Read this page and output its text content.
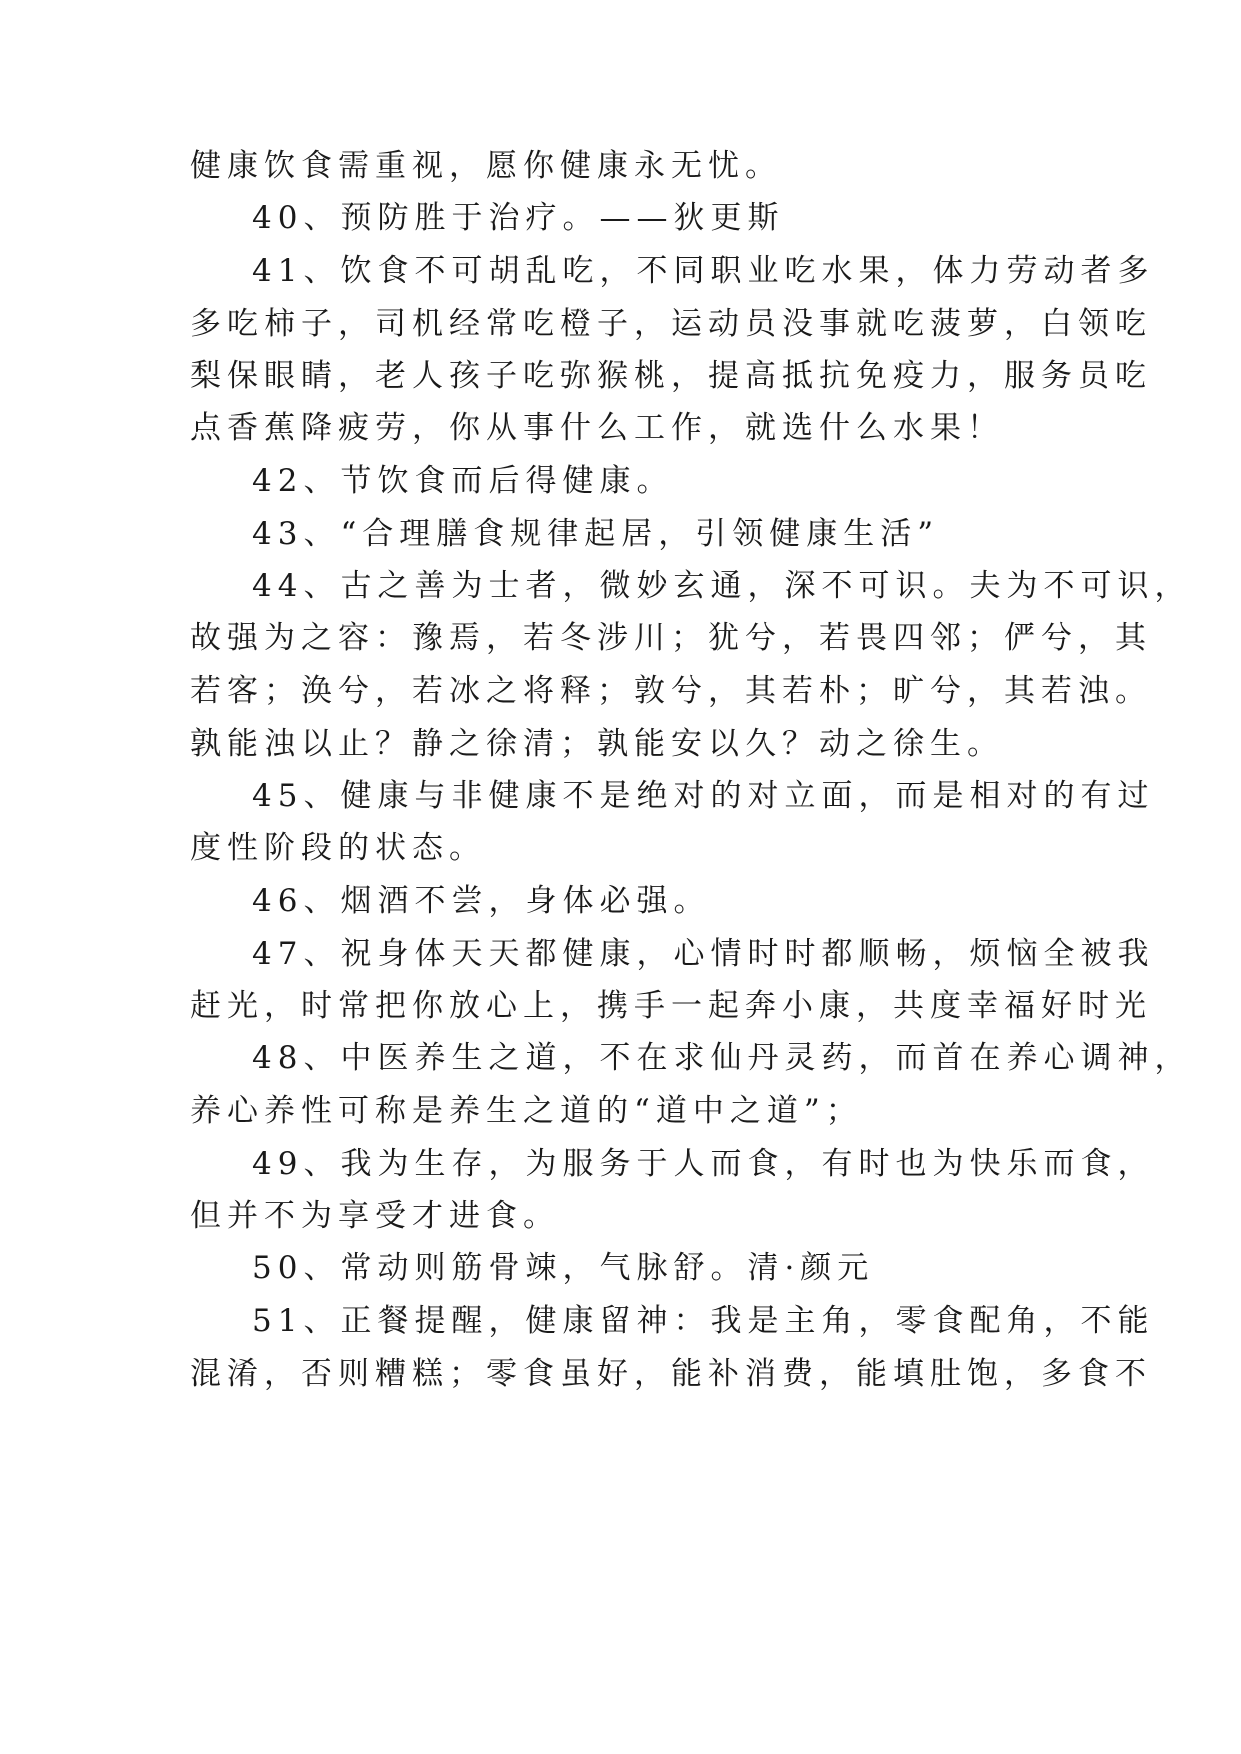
健康饮食需重视，愿你健康永无忧。
40、预防胜于治疗。——狄更斯
41、饮食不可胡乱吃，不同职业吃水果，体力劳动者多
多吃柿子，司机经常吃橙子，运动员没事就吃菠萝，白领吃
梨保眼睛，老人孩子吃弥猴桃，提高抵抗免疫力，服务员吃
点香蕉降疲劳，你从事什么工作，就选什么水果！
42、节饮食而后得健康。
43、“合理膳食规律起居，引领健康生活”
44、古之善为士者，微妙玄通，深不可识。夫为不可识，
故强为之容：豫焉，若冬涉川；犹兮，若畏四邻；俨兮，其
若客；涣兮，若冰之将释；敦兮，其若朴；旷兮，其若浊。
孰能浊以止？静之徐清；孰能安以久？动之徐生。
45、健康与非健康不是绝对的对立面，而是相对的有过
度性阶段的状态。
46、烟酒不尝，身体必强。
47、祝身体天天都健康，心情时时都顺畅，烦恼全被我
赶光，时常把你放心上，携手一起奔小康，共度幸福好时光
48、中医养生之道，不在求仙丹灵药，而首在养心调神，
养心养性可称是养生之道的“道中之道”；
49、我为生存，为服务于人而食，有时也为快乐而食，
但并不为享受才进食。
50、常动则筋骨竦，气脉舒。清·颜元
51、正餐提醒，健康留神：我是主角，零食配角，不能
混淆，否则糟糕；零食虽好，能补消费，能填肚饱，多食不
